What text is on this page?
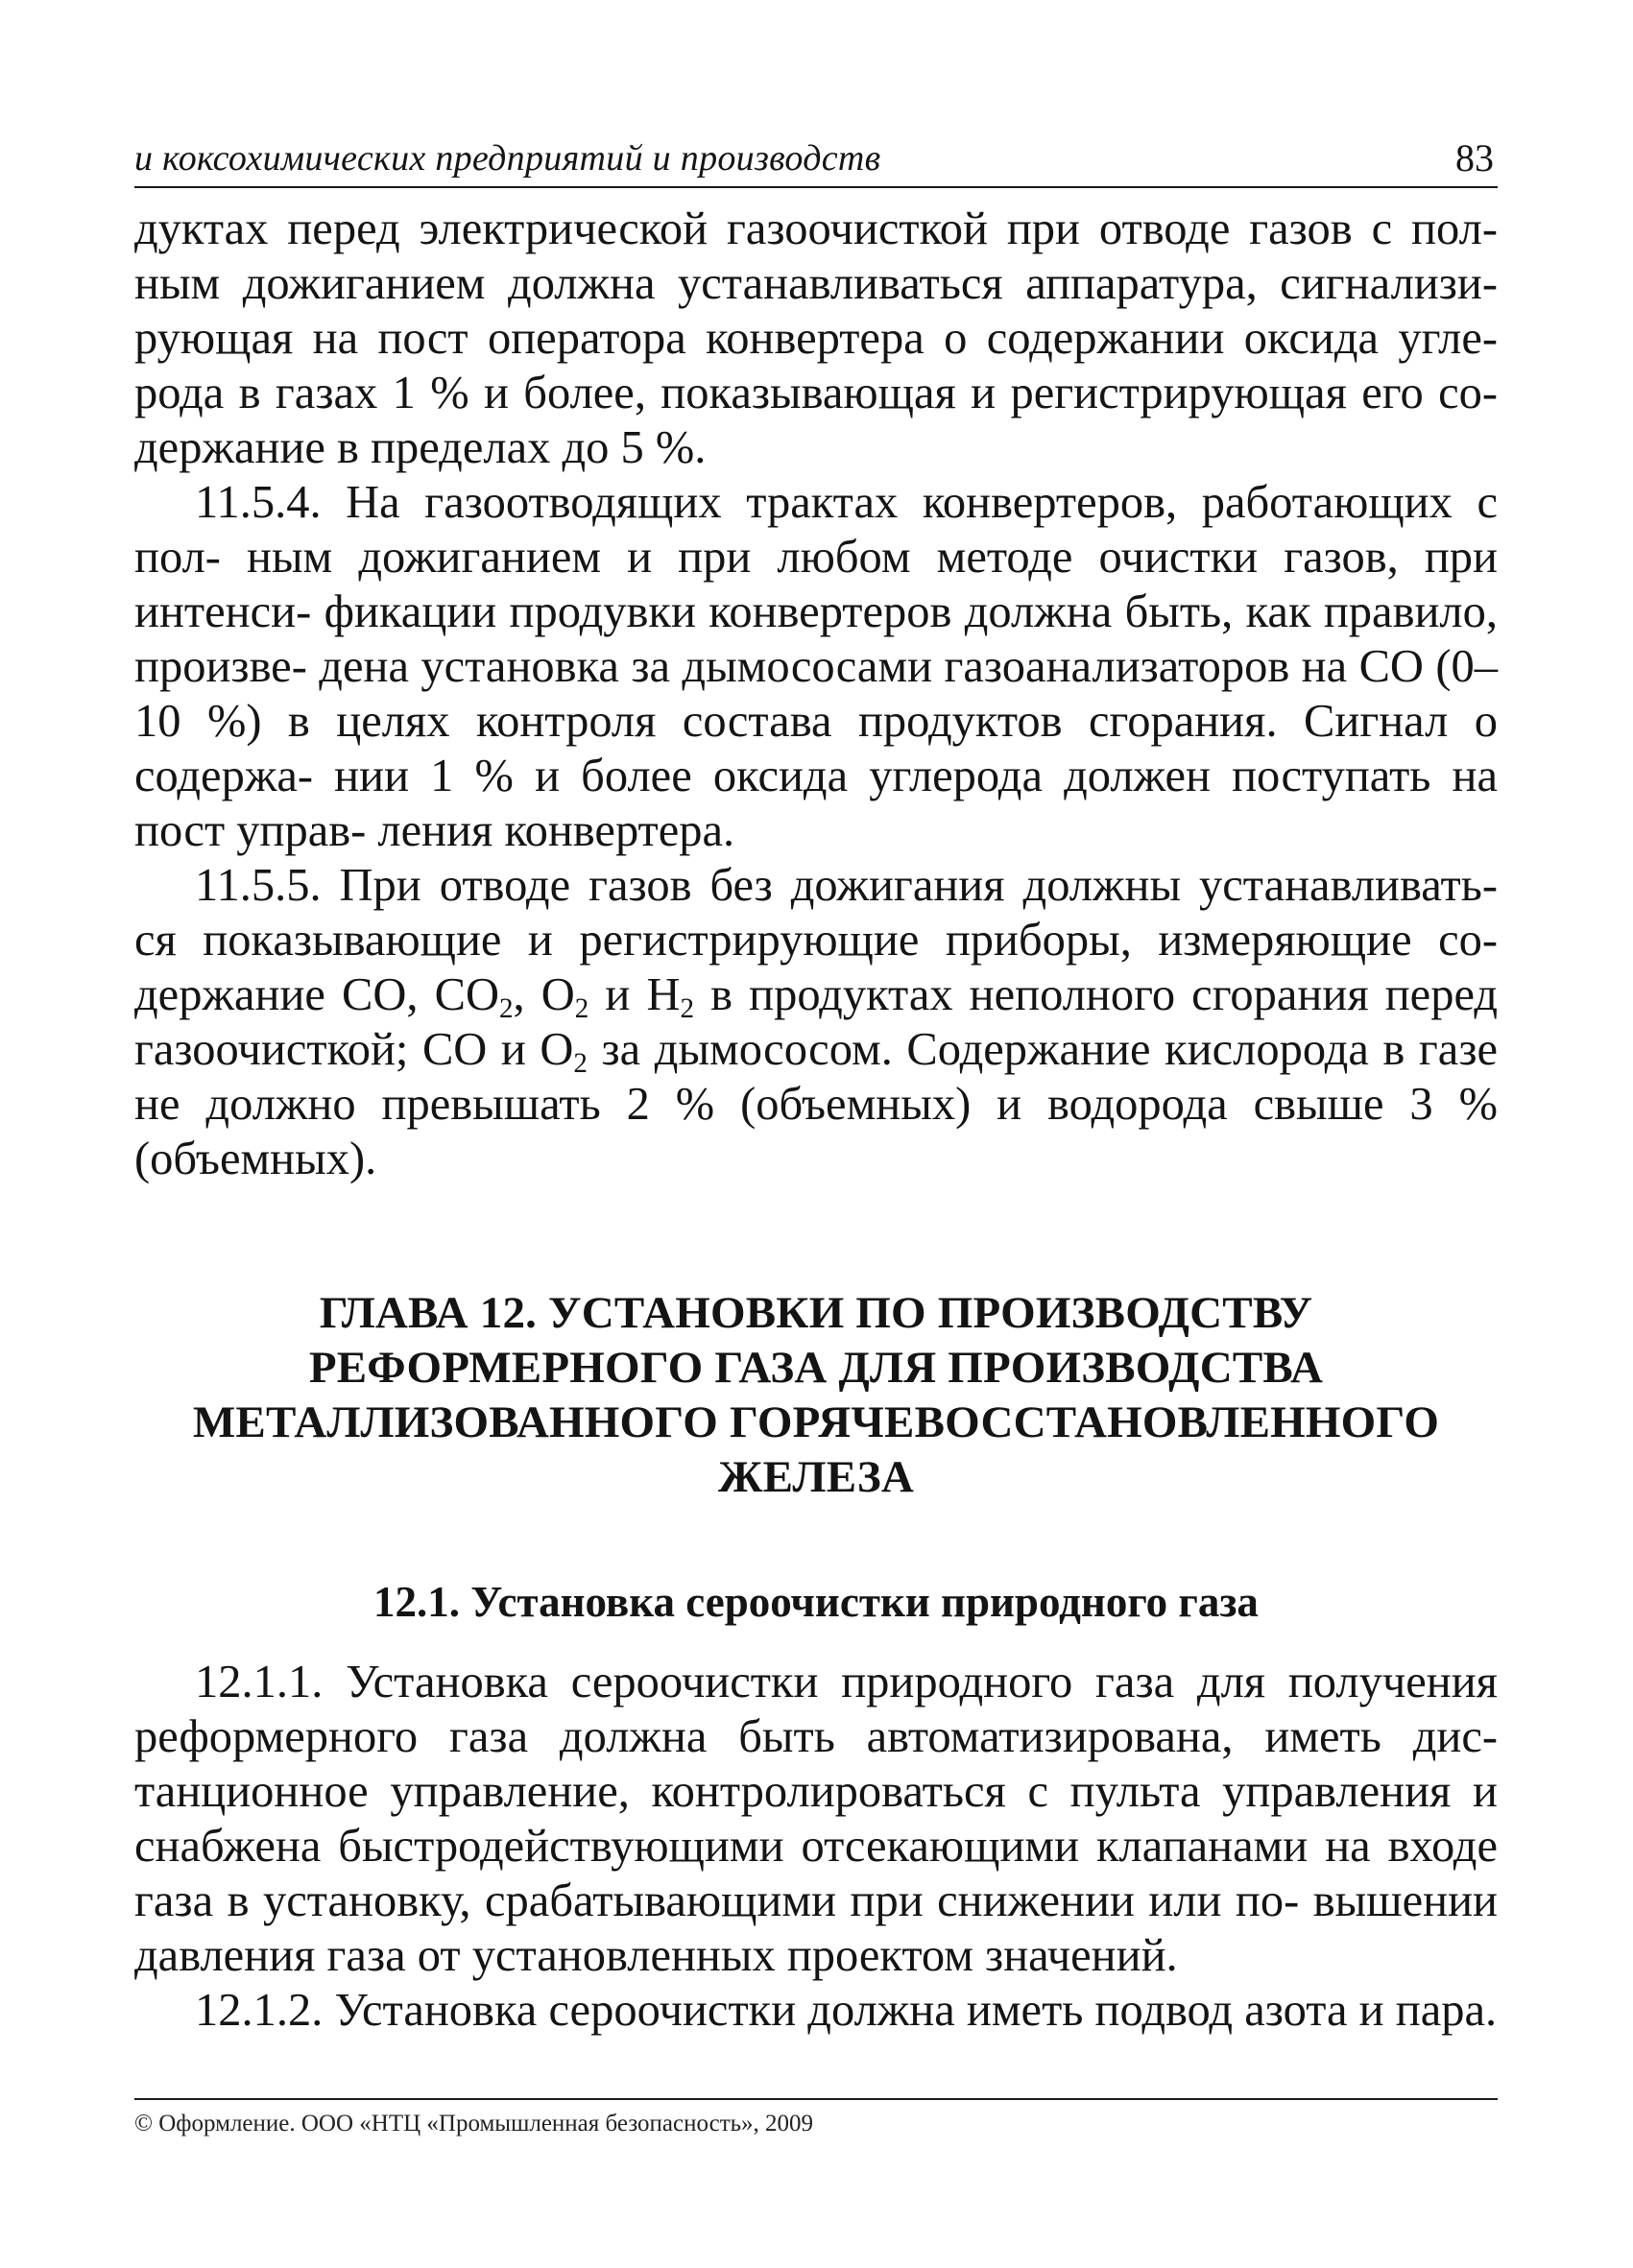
и коксохимических предприятий и производств	83

дуктах перед электрической газоочисткой при отводе газов с пол- ным дожиганием должна устанавливаться аппаратура, сигнализи- рующая на пост оператора конвертера о содержании оксида угле- рода в газах 1 % и более, показывающая и регистрирующая его со- держание в пределах до 5 %.

11.5.4. На газоотводящих трактах конвертеров, работающих с пол- ным дожиганием и при любом методе очистки газов, при интенси- фикации продувки конвертеров должна быть, как правило, произве- дена установка за дымососами газоанализаторов на СО (0–10 %) в целях контроля состава продуктов сгорания. Сигнал о содержа- нии 1 % и более оксида углерода должен поступать на пост управ- ления конвертера.

11.5.5. При отводе газов без дожигания должны устанавливать- ся показывающие и регистрирующие приборы, измеряющие со- держание СО, $СО_2$, $О_2$ и $Н_2$ в продуктах неполного сгорания перед газоочисткой; СО и $О_2$ за дымососом. Содержание кислорода в газе не должно превышать 2 % (объемных) и водорода свыше 3 % (объемных).

ГЛАВА 12. УСТАНОВКИ ПО ПРОИЗВОДСТВУ
РЕФОРМЕРНОГО ГАЗА ДЛЯ ПРОИЗВОДСТВА
МЕТАЛЛИЗОВАННОГО ГОРЯЧЕВОССТАНОВЛЕННОГО
ЖЕЛЕЗА
12.1. Установка сероочистки природного газа

12.1.1. Установка сероочистки природного газа для получения реформерного газа должна быть автоматизирована, иметь дис- танционное управление, контролироваться с пульта управления и снабжена быстродействующими отсекающими клапанами на входе газа в установку, срабатывающими при снижении или по- вышении давления газа от установленных проектом значений.

12.1.2. Установка сероочистки должна иметь подвод азота и пара.

© Оформление. ООО «НТЦ «Промышленная безопасность», 2009
